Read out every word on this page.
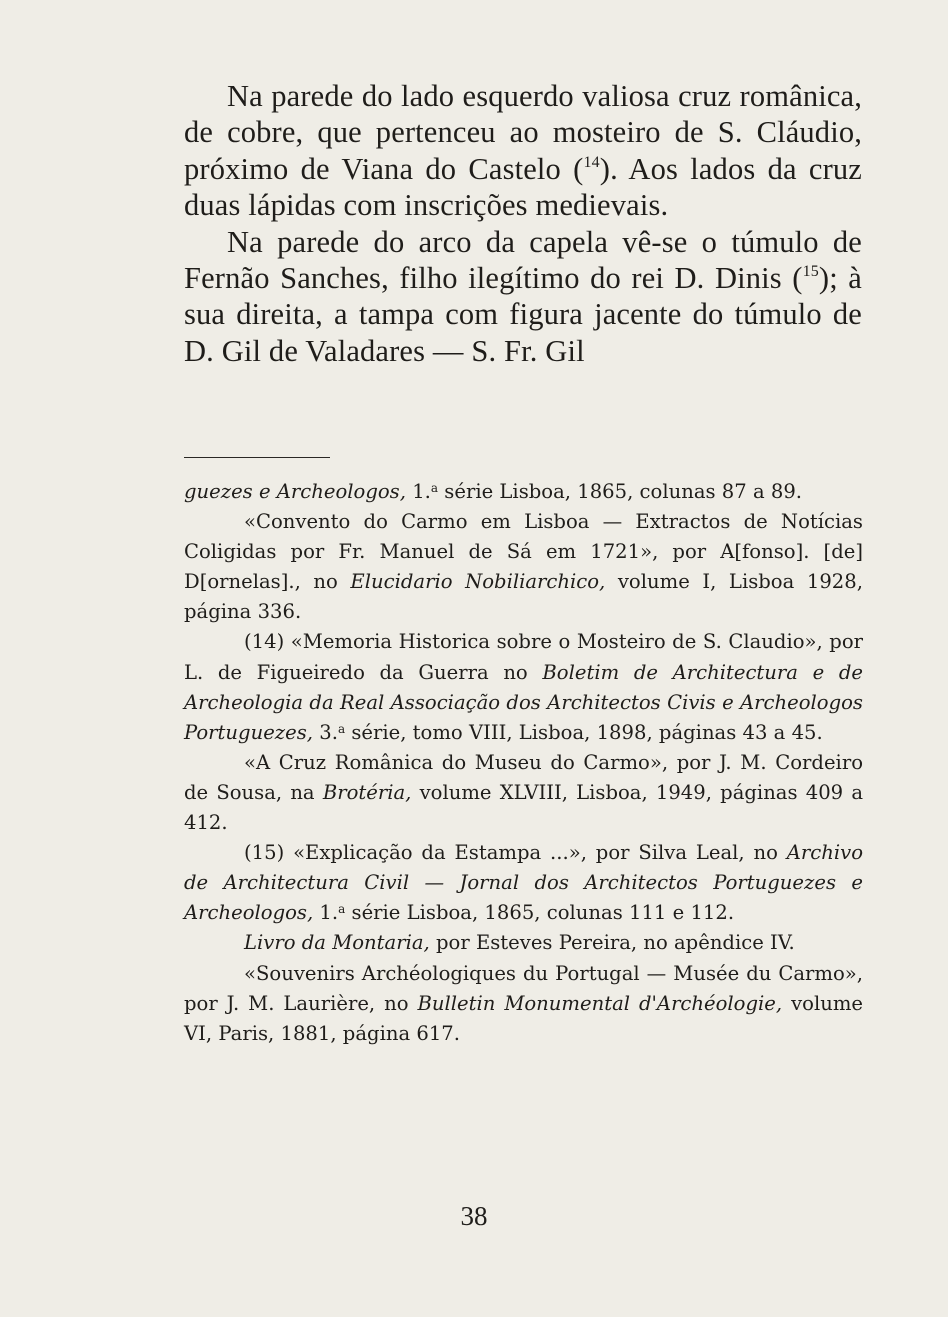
Na parede do lado esquerdo valiosa cruz românica, de cobre, que pertenceu ao mosteiro de S. Cláudio, próximo de Viana do Castelo ($^{14}$). Aos lados da cruz duas lápidas com inscrições medievais.

Na parede do arco da capela vê-se o túmulo de Fernão Sanches, filho ilegítimo do rei D. Dinis ($^{15}$); à sua direita, a tampa com figura jacente do túmulo de D. Gil de Valadares — S. Fr. Gil

guezes e Archeologos, 1.$^a$ série Lisboa, 1865, colunas 87 a 89.

«Convento do Carmo em Lisboa — Extractos de Notícias Coligidas por Fr. Manuel de Sá em 1721», por A[fonso]. [de] D[ornelas]., no Elucidario Nobiliarchico, volume I, Lisboa 1928, página 336.

(14) «Memoria Historica sobre o Mosteiro de S. Claudio», por L. de Figueiredo da Guerra no Boletim de Architectura e de Archeologia da Real Associação dos Architectos Civis e Archeologos Portuguezes, 3.$^a$ série, tomo VIII, Lisboa, 1898, páginas 43 a 45.

«A Cruz Românica do Museu do Carmo», por J. M. Cordeiro de Sousa, na Brotéria, volume XLVIII, Lisboa, 1949, páginas 409 a 412.

(15) «Explicação da Estampa ...», por Silva Leal, no Archivo de Architectura Civil — Jornal dos Architectos Portuguezes e Archeologos, 1.$^a$ série Lisboa, 1865, colunas 111 e 112.

Livro da Montaria, por Esteves Pereira, no apêndice IV.

«Souvenirs Archéologiques du Portugal — Musée du Carmo», por J. M. Laurière, no Bulletin Monumental d'Archéologie, volume VI, Paris, 1881, página 617.

38
